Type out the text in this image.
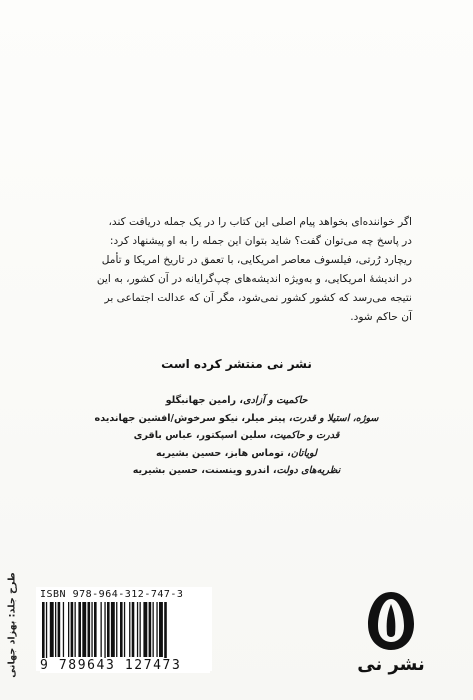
اگر خواننده‌ای بخواهد پیام اصلی این کتاب را در یک جمله دریافت کند،
در پاسخ چه می‌توان گفت؟ شاید بتوان این جمله را به او پیشنهاد کرد:
ریچارد رُرتی، فیلسوف معاصر امریکایی، با تعمق در تاریخ امریکا و تأمل
در اندیشهٔ امریکایی، و به‌ویژه اندیشه‌های چپ‌گرایانه در آن کشور، به این
نتیجه می‌رسد که کشور کشور نمی‌شود، مگر آن که عدالت اجتماعی بر
آن حاکم شود.
نشر نی منتشر کرده است
حاکمیت و آزادی، رامین جهانبگلو
سوژه، استیلا و قدرت، پیتر میلر، نیکو سرخوش/افشین جهاندیده
قدرت و حاکمیت، سلین اسپکتور، عباس باقری
لویاتان، توماس هابز، حسین بشیریه
نظریه‌های دولت، اندرو وینسنت، حسین بشیریه
طرح جلد: بهزاد جهانی ISBN 978-964-312-747-3
9 789643 127473	نشر نی
